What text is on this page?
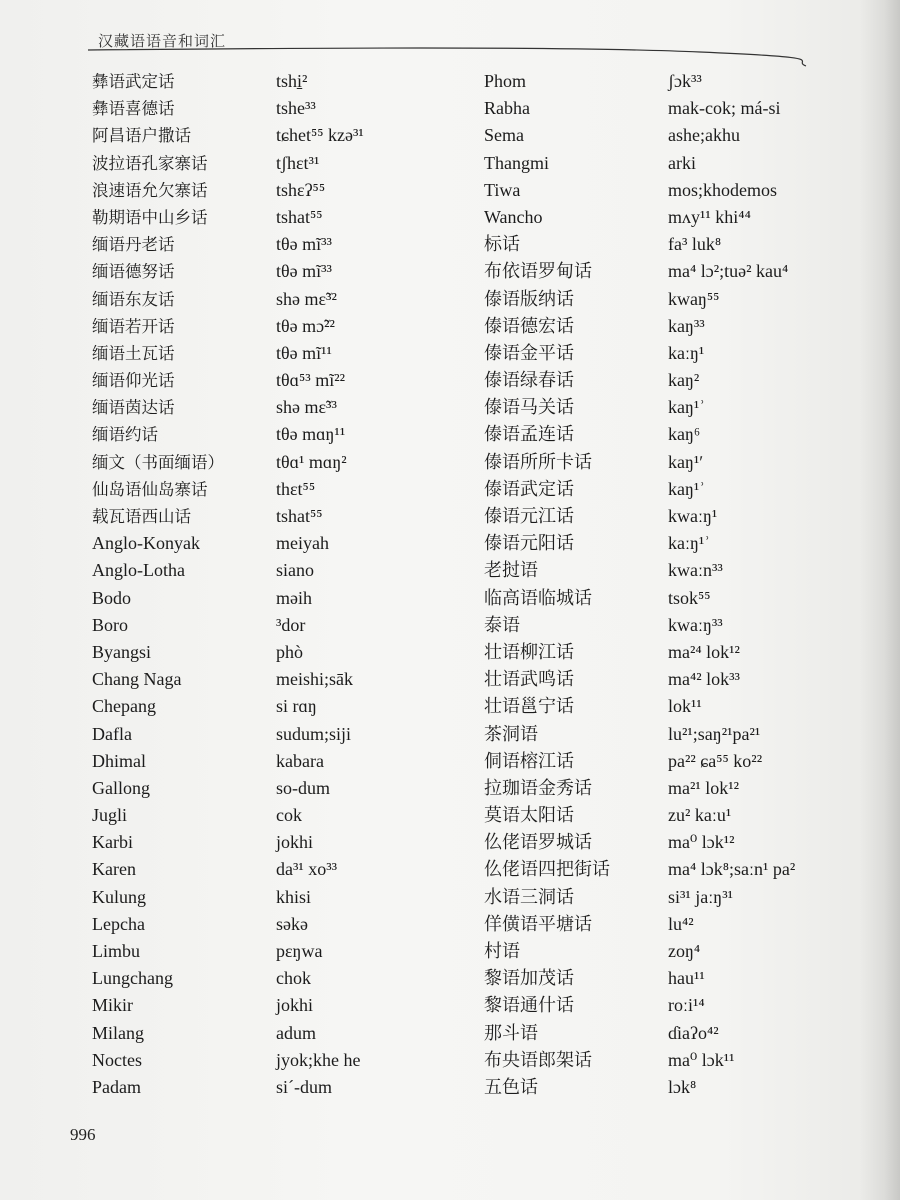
汉藏语语音和词汇
彝语武定话
彝语喜德话
阿昌语户撒话
波拉语孔家寨话
浪速语允欠寨话
勒期语中山乡话
缅语丹老话
缅语德努话
缅语东友话
缅语若开话
缅语土瓦话
缅语仰光话
缅语茵达话
缅语约话
缅文（书面缅语）
仙岛语仙岛寨话
载瓦语西山话
Anglo-Konyak
Anglo-Lotha
Bodo
Boro
Byangsi
Chang Naga
Chepang
Dafla
Dhimal
Gallong
Jugli
Karbi
Karen
Kulung
Lepcha
Limbu
Lungchang
Mikir
Milang
Noctes
Padam
tshi̠²
tshe³³
tɕhet⁵⁵ kzə³¹
tʃhɛt³¹
tshɛʔ⁵⁵
tshat⁵⁵
tθə mĩ³³
tθə mĩ³³
shə mɛ̃³²
tθə mɔ̃²²
tθə mĩ¹¹
tθɑ⁵³ mĩ²²
shə mɛ̃³³
tθə mɑŋ¹¹
tθɑ¹ mɑŋ²
thɛt⁵⁵
tshat⁵⁵
meiyah
siano
məih
³dor
phò
meishi;sāk
si rɑŋ
sudum;siji
kabara
so-dum
cok
jokhi
da³¹ xo³³
khisi
səkə
pɛŋwa
chok
jokhi
adum
jyok;khe he
si´-dum
Phom
Rabha
Sema
Thangmi
Tiwa
Wancho
标话
布依语罗甸话
傣语版纳话
傣语德宏话
傣语金平话
傣语绿春话
傣语马关话
傣语孟连话
傣语所所卡话
傣语武定话
傣语元江话
傣语元阳话
老挝语
临高语临城话
泰语
壮语柳江话
壮语武鸣话
壮语邕宁话
茶洞语
侗语榕江话
拉珈语金秀话
莫语太阳话
仫佬语罗城话
仫佬语四把街话
水语三洞话
佯僙语平塘话
村语
黎语加茂话
黎语通什话
那斗语
布央语郎架话
五色话
ʃɔk³³
mak-cok; má-si
ashe;akhu
arki
mos;khodemos
mʌy¹¹ khi⁴⁴
fa³ luk⁸
ma⁴ lɔ²;tuə² kau⁴
kwaŋ⁵⁵
kaŋ³³
kaːŋ¹
kaŋ²
kaŋ¹ʾ
kaŋ⁶
kaŋ¹ʹ
kaŋ¹ʾ
kwaːŋ¹
kaːŋ¹ʾ
kwaːn³³
tsok⁵⁵
kwaːŋ³³
ma²⁴ lok¹²
ma⁴² lok³³
lok¹¹
lu²¹;saŋ²¹pa²¹
pa²² ɕa⁵⁵ ko²²
ma²¹ lok¹²
zu² kaːu¹
ma⁰ lɔk¹²
ma⁴ lɔk⁸;saːn¹ pa²
si³¹ jaːŋ³¹
lu⁴²
zoŋ⁴
hau¹¹
roːi¹⁴
ɗiaʔo⁴²
ma⁰ lɔk¹¹
lɔk⁸
996
